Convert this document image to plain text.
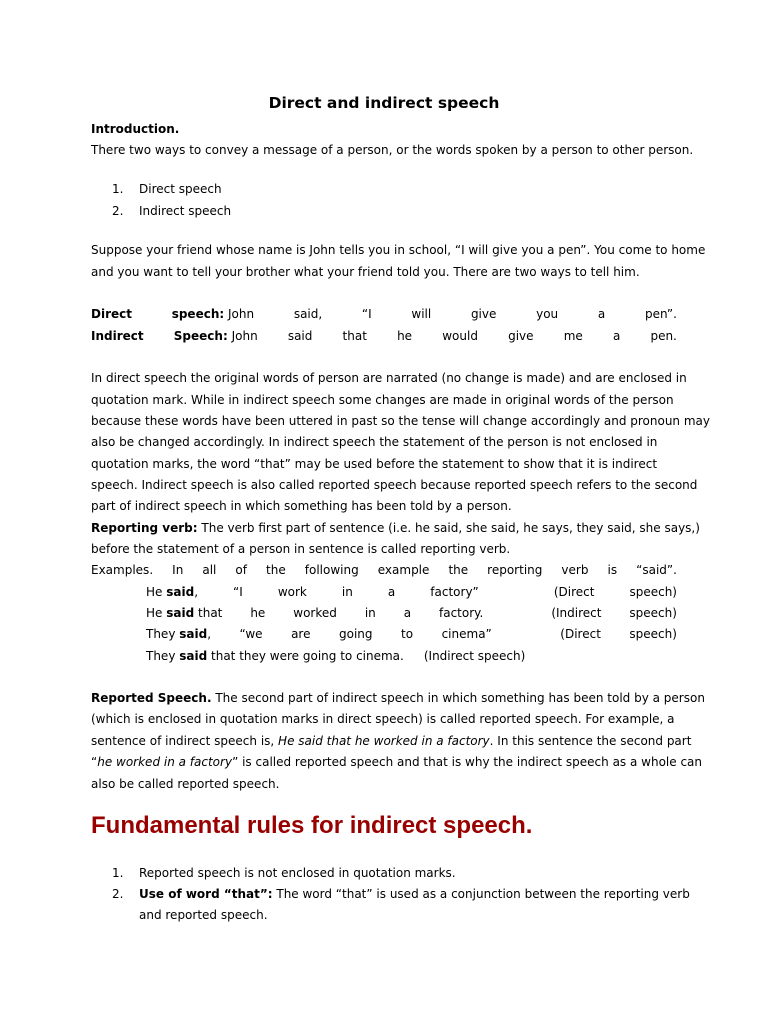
Direct and indirect speech
Introduction.
There two ways to convey a message of a person, or the words spoken by a person to other person.
1. Direct speech
2. Indirect speech
Suppose your friend whose name is John tells you in school, “I will give you a pen”. You come to home
and you want to tell your brother what your friend told you. There are two ways to tell him.
Direct	speech: John	said,	“I	will	give	you	a	pen”.
Indirect	Speech: John	said	that	he	would	give	me	a	pen.
In direct speech the original words of person are narrated (no change is made) and are enclosed in
quotation mark. While in indirect speech some changes are made in original words of the person
because these words have been uttered in past so the tense will change accordingly and pronoun may
also be changed accordingly. In indirect speech the statement of the person is not enclosed in
quotation marks, the word “that” may be used before the statement to show that it is indirect
speech. Indirect speech is also called reported speech because reported speech refers to the second
part of indirect speech in which something has been told by a person.
Reporting verb: The verb first part of sentence (i.e. he said, she said, he says, they said, she says,)
before the statement of a person in sentence is called reporting verb.
Examples. In all of the following example the reporting verb is “said”.
He said,	“I	work	in	a	factory”	(Direct	speech)
He said that he worked in a factory.	(Indirect speech)
They said, “we are going to cinema”	(Direct speech)
They said that they were going to cinema. (Indirect speech)
Reported Speech. The second part of indirect speech in which something has been told by a person
(which is enclosed in quotation marks in direct speech) is called reported speech. For example, a
sentence of indirect speech is, He said that he worked in a factory. In this sentence the second part
“he worked in a factory” is called reported speech and that is why the indirect speech as a whole can
also be called reported speech.
Fundamental rules for indirect speech.
1. Reported speech is not enclosed in quotation marks.
2. Use of word “that”: The word “that” is used as a conjunction between the reporting verb
and reported speech.
